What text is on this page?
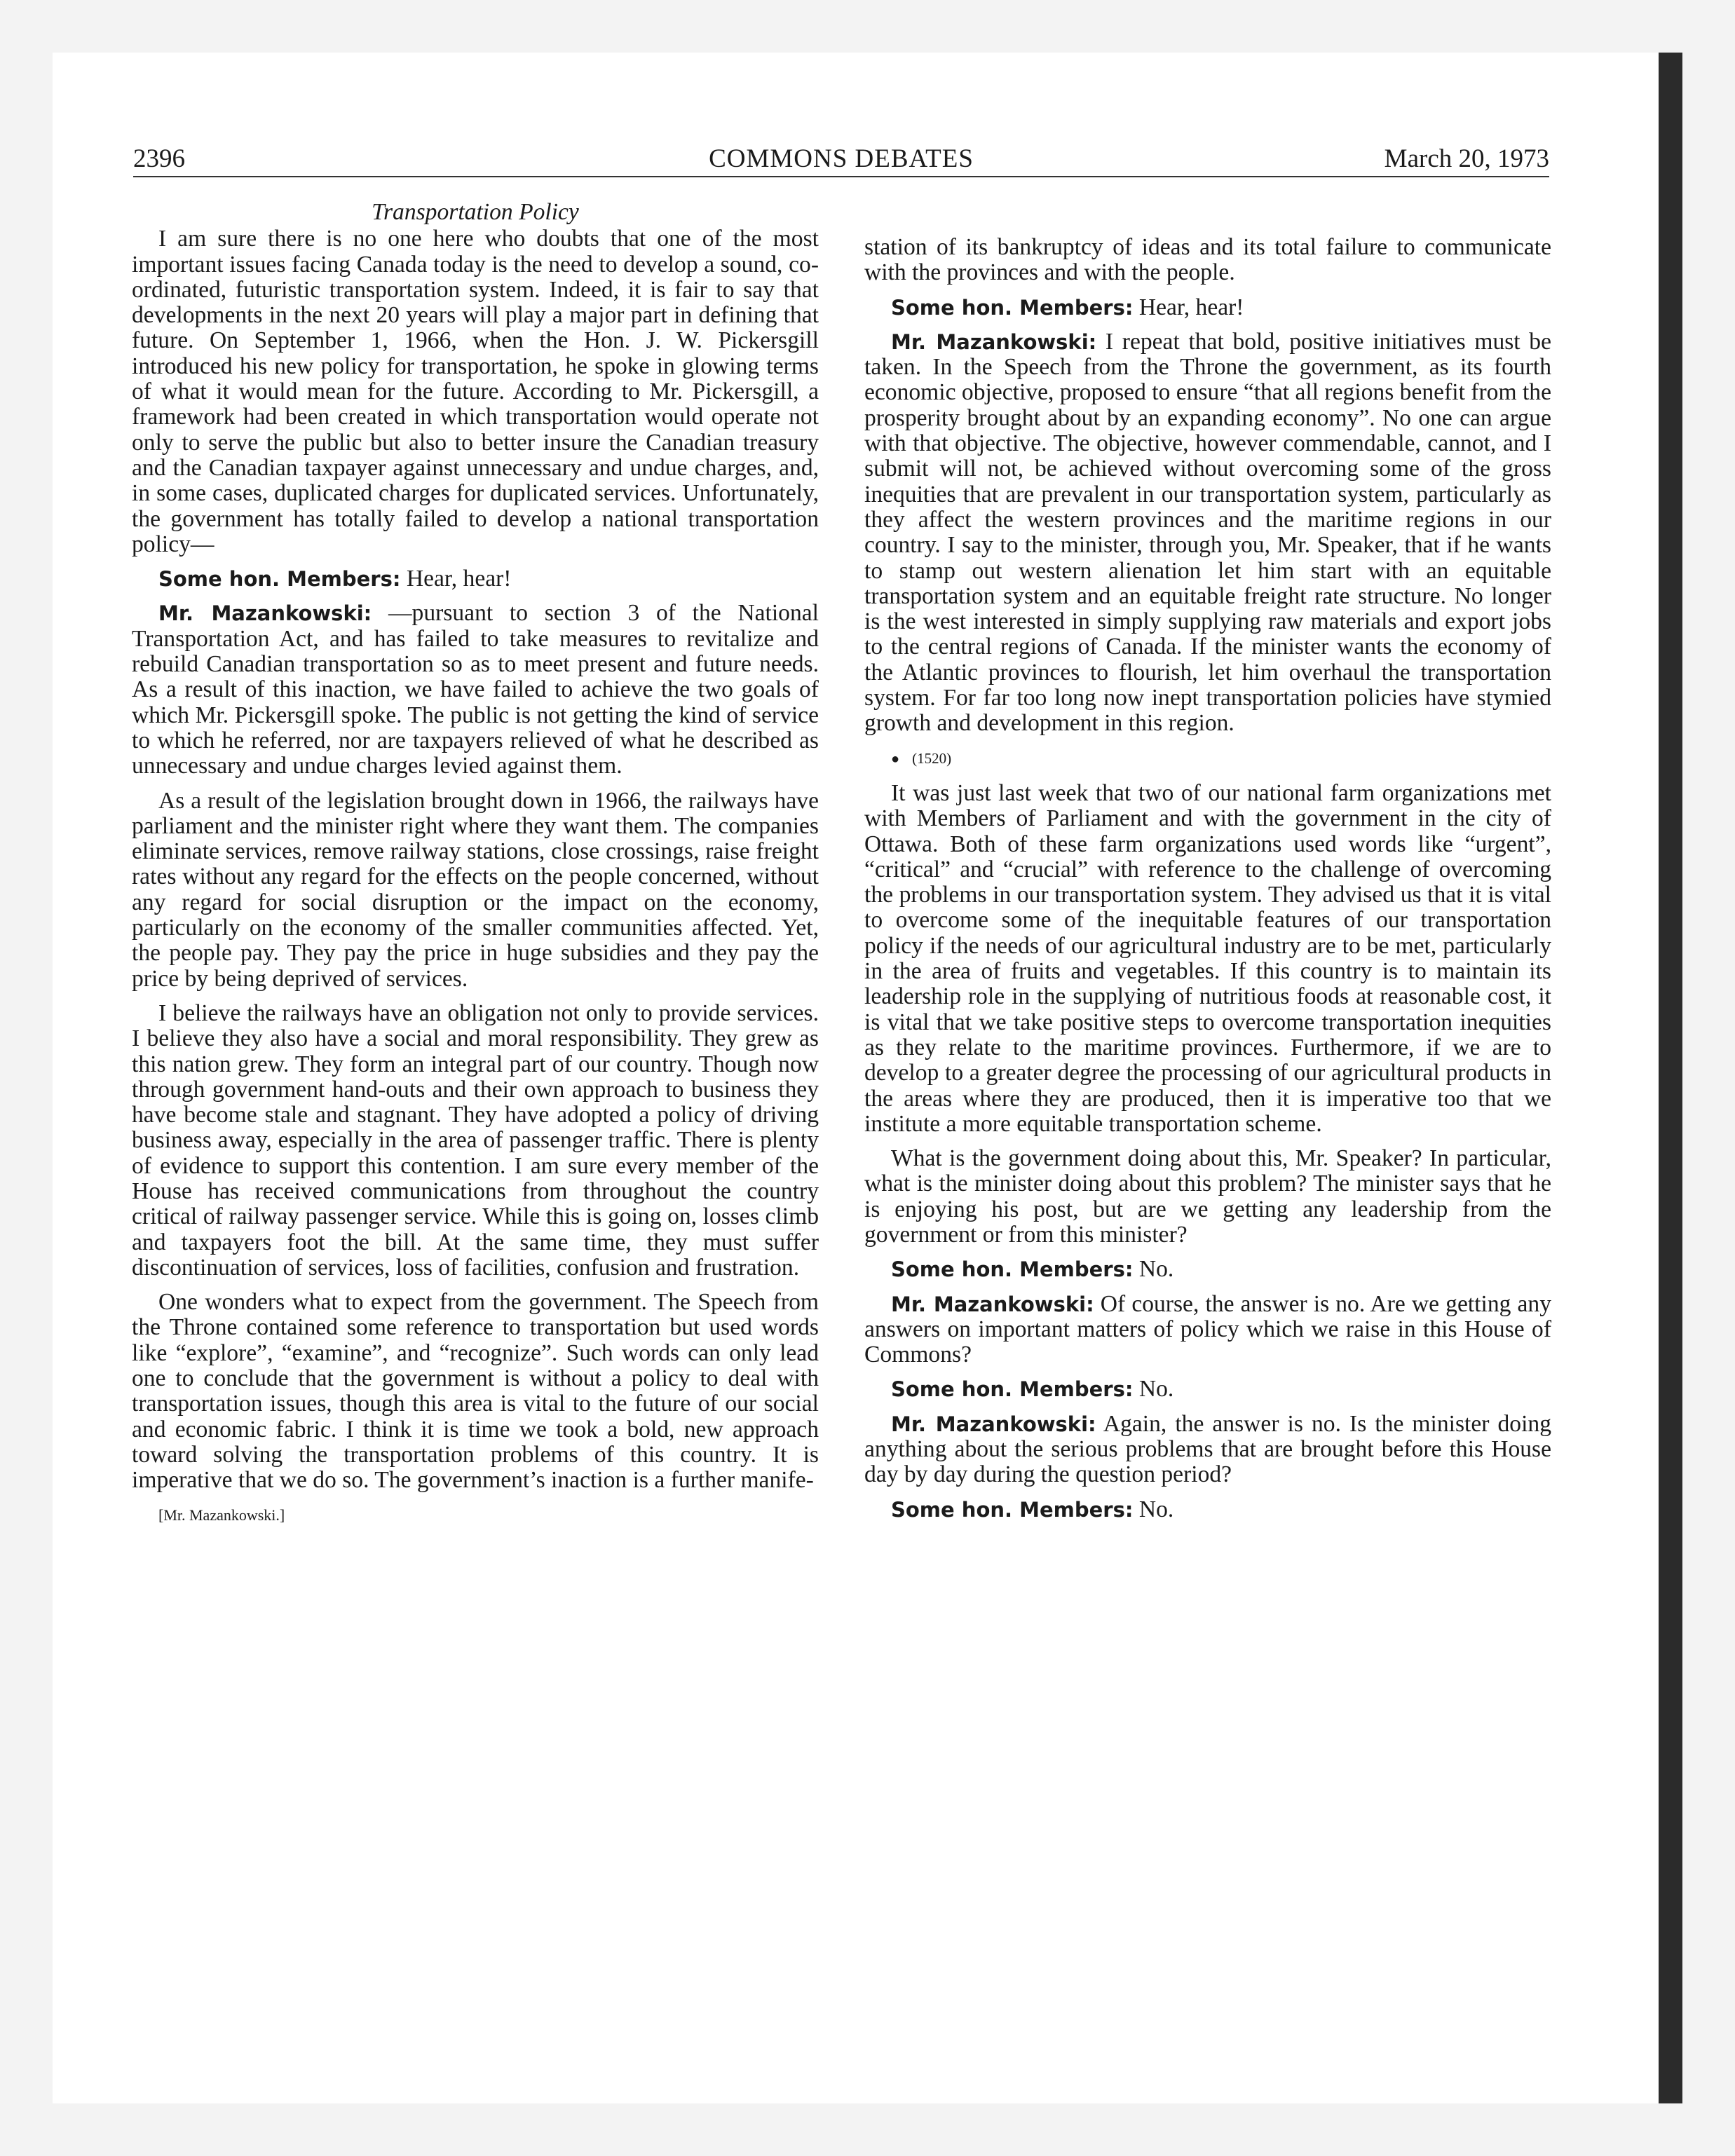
2396	COMMONS DEBATES	March 20, 1973
Transportation Policy

I am sure there is no one here who doubts that one of the most important issues facing Canada today is the need to develop a sound, co-ordinated, futuristic transportation system. Indeed, it is fair to say that developments in the next 20 years will play a major part in defining that future. On September 1, 1966, when the Hon. J. W. Pickersgill introduced his new policy for transportation, he spoke in glowing terms of what it would mean for the future. According to Mr. Pickersgill, a framework had been created in which transportation would operate not only to serve the public but also to better insure the Canadian treasury and the Canadian taxpayer against unnecessary and undue charges, and, in some cases, duplicated charges for duplicated services. Unfortunately, the government has totally failed to develop a national transportation policy—

Some hon. Members: Hear, hear!

Mr. Mazankowski: —pursuant to section 3 of the National Transportation Act, and has failed to take measures to revitalize and rebuild Canadian transportation so as to meet present and future needs. As a result of this inaction, we have failed to achieve the two goals of which Mr. Pickersgill spoke. The public is not getting the kind of service to which he referred, nor are taxpayers relieved of what he described as unnecessary and undue charges levied against them.

As a result of the legislation brought down in 1966, the railways have parliament and the minister right where they want them. The companies eliminate services, remove railway stations, close crossings, raise freight rates without any regard for the effects on the people concerned, without any regard for social disruption or the impact on the economy, particularly on the economy of the smaller communities affected. Yet, the people pay. They pay the price in huge subsidies and they pay the price by being deprived of services.

I believe the railways have an obligation not only to provide services. I believe they also have a social and moral responsibility. They grew as this nation grew. They form an integral part of our country. Though now through government hand-outs and their own approach to business they have become stale and stagnant. They have adopted a policy of driving business away, especially in the area of passenger traffic. There is plenty of evidence to support this contention. I am sure every member of the House has received communications from throughout the country critical of railway passenger service. While this is going on, losses climb and taxpayers foot the bill. At the same time, they must suffer discontinuation of services, loss of facilities, confusion and frustration.

One wonders what to expect from the government. The Speech from the Throne contained some reference to transportation but used words like “explore”, “examine”, and “recognize”. Such words can only lead one to conclude that the government is without a policy to deal with transportation issues, though this area is vital to the future of our social and economic fabric. I think it is time we took a bold, new approach toward solving the transportation problems of this country. It is imperative that we do so. The government’s inaction is a further manife-

[Mr. Mazankowski.]

station of its bankruptcy of ideas and its total failure to communicate with the provinces and with the people.

Some hon. Members: Hear, hear!

Mr. Mazankowski: I repeat that bold, positive initiatives must be taken. In the Speech from the Throne the government, as its fourth economic objective, proposed to ensure “that all regions benefit from the prosperity brought about by an expanding economy”. No one can argue with that objective. The objective, however commendable, cannot, and I submit will not, be achieved without overcoming some of the gross inequities that are prevalent in our transportation system, particularly as they affect the western provinces and the maritime regions in our country. I say to the minister, through you, Mr. Speaker, that if he wants to stamp out western alienation let him start with an equitable transportation system and an equitable freight rate structure. No longer is the west interested in simply supplying raw materials and export jobs to the central regions of Canada. If the minister wants the economy of the Atlantic provinces to flourish, let him overhaul the transportation system. For far too long now inept transportation policies have stymied growth and development in this region.

● (1520)

It was just last week that two of our national farm organizations met with Members of Parliament and with the government in the city of Ottawa. Both of these farm organizations used words like “urgent”, “critical” and “crucial” with reference to the challenge of overcoming the problems in our transportation system. They advised us that it is vital to overcome some of the inequitable features of our transportation policy if the needs of our agricultural industry are to be met, particularly in the area of fruits and vegetables. If this country is to maintain its leadership role in the supplying of nutritious foods at reasonable cost, it is vital that we take positive steps to overcome transportation inequities as they relate to the maritime provinces. Furthermore, if we are to develop to a greater degree the processing of our agricultural products in the areas where they are produced, then it is imperative too that we institute a more equitable transportation scheme.

What is the government doing about this, Mr. Speaker? In particular, what is the minister doing about this problem? The minister says that he is enjoying his post, but are we getting any leadership from the government or from this minister?

Some hon. Members: No.

Mr. Mazankowski: Of course, the answer is no. Are we getting any answers on important matters of policy which we raise in this House of Commons?

Some hon. Members: No.

Mr. Mazankowski: Again, the answer is no. Is the minister doing anything about the serious problems that are brought before this House day by day during the question period?

Some hon. Members: No.
